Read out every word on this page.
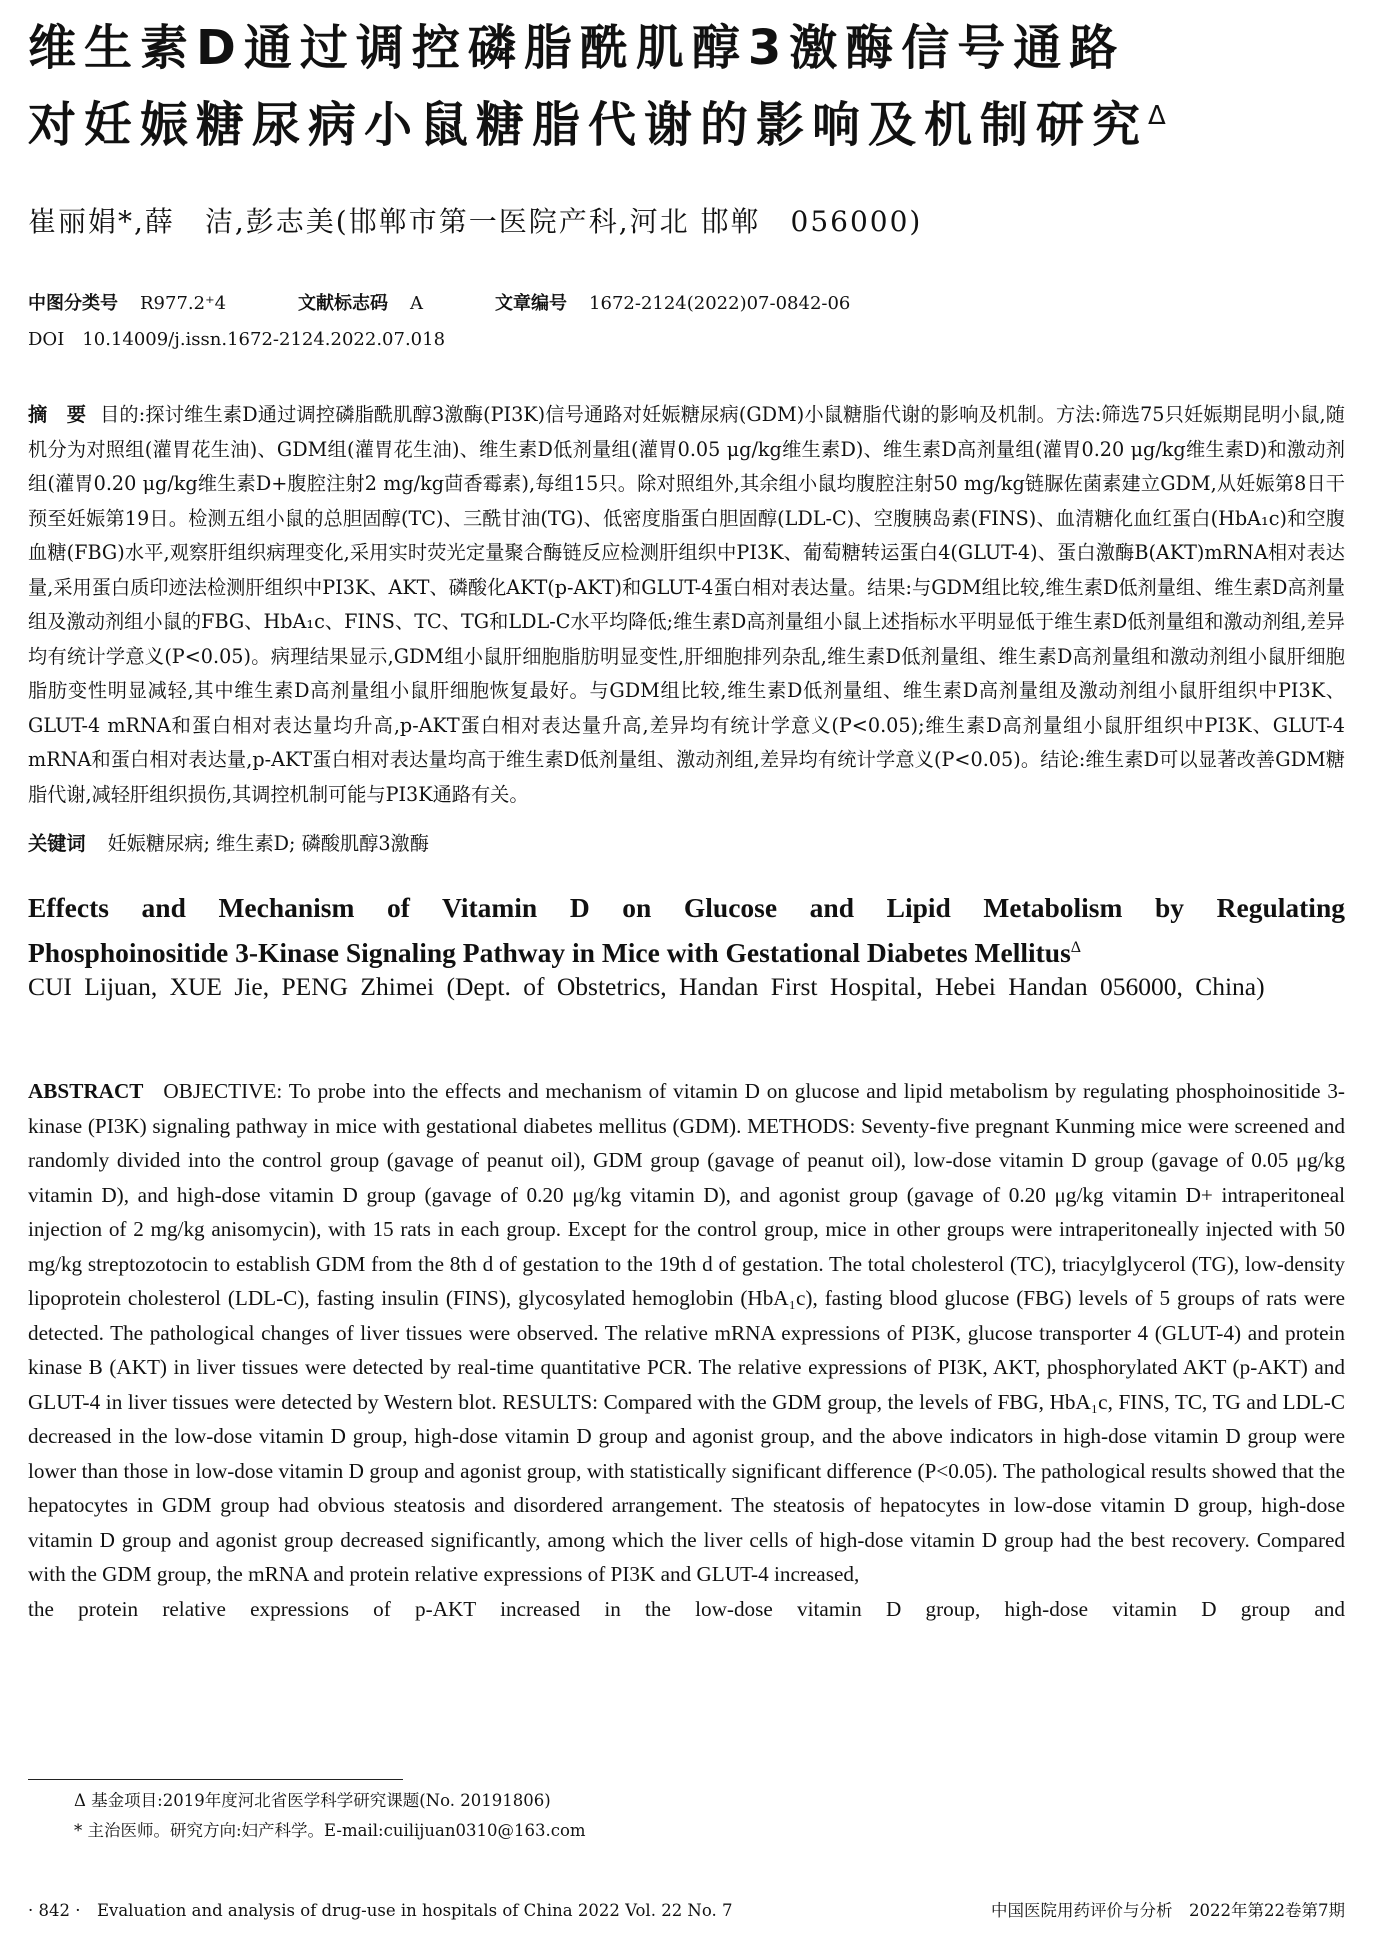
维生素D通过调控磷脂酰肌醇3激酶信号通路
对妊娠糖尿病小鼠糖脂代谢的影响及机制研究$^\Delta$
崔丽娟*,薛　洁,彭志美(邯郸市第一医院产科,河北 邯郸　056000)
中图分类号 R977.2⁺4	文献标志码 A	文章编号 1672-2124(2022)07-0842-06
DOI　10.14009/j.issn.1672-2124.2022.07.018
摘　要 目的:探讨维生素D通过调控磷脂酰肌醇3激酶(PI3K)信号通路对妊娠糖尿病(GDM)小鼠糖脂代谢的影响及机制。方法:筛选75只妊娠期昆明小鼠,随机分为对照组(灌胃花生油)、GDM组(灌胃花生油)、维生素D低剂量组(灌胃0.05 μg/kg维生素D)、维生素D高剂量组(灌胃0.20 μg/kg维生素D)和激动剂组(灌胃0.20 μg/kg维生素D+腹腔注射2 mg/kg茴香霉素),每组15只。除对照组外,其余组小鼠均腹腔注射50 mg/kg链脲佐菌素建立GDM,从妊娠第8日干预至妊娠第19日。检测五组小鼠的总胆固醇(TC)、三酰甘油(TG)、低密度脂蛋白胆固醇(LDL-C)、空腹胰岛素(FINS)、血清糖化血红蛋白(HbA₁c)和空腹血糖(FBG)水平,观察肝组织病理变化,采用实时荧光定量聚合酶链反应检测肝组织中PI3K、葡萄糖转运蛋白4(GLUT-4)、蛋白激酶B(AKT)mRNA相对表达量,采用蛋白质印迹法检测肝组织中PI3K、AKT、磷酸化AKT(p-AKT)和GLUT-4蛋白相对表达量。结果:与GDM组比较,维生素D低剂量组、维生素D高剂量组及激动剂组小鼠的FBG、HbA₁c、FINS、TC、TG和LDL-C水平均降低;维生素D高剂量组小鼠上述指标水平明显低于维生素D低剂量组和激动剂组,差异均有统计学意义(P<0.05)。病理结果显示,GDM组小鼠肝细胞脂肪明显变性,肝细胞排列杂乱,维生素D低剂量组、维生素D高剂量组和激动剂组小鼠肝细胞脂肪变性明显减轻,其中维生素D高剂量组小鼠肝细胞恢复最好。与GDM组比较,维生素D低剂量组、维生素D高剂量组及激动剂组小鼠肝组织中PI3K、GLUT-4 mRNA和蛋白相对表达量均升高,p-AKT蛋白相对表达量升高,差异均有统计学意义(P<0.05);维生素D高剂量组小鼠肝组织中PI3K、GLUT-4 mRNA和蛋白相对表达量,p-AKT蛋白相对表达量均高于维生素D低剂量组、激动剂组,差异均有统计学意义(P<0.05)。结论:维生素D可以显著改善GDM糖脂代谢,减轻肝组织损伤,其调控机制可能与PI3K通路有关。
关键词 妊娠糖尿病; 维生素D; 磷酸肌醇3激酶
Effects and Mechanism of Vitamin D on Glucose and Lipid Metabolism by Regulating
Phosphoinositide 3-Kinase Signaling Pathway in Mice with Gestational Diabetes Mellitus$^\Delta$
CUI Lijuan, XUE Jie, PENG Zhimei (Dept. of Obstetrics, Handan First Hospital, Hebei Handan 056000, China)
ABSTRACT OBJECTIVE: To probe into the effects and mechanism of vitamin D on glucose and lipid metabolism by regulating phosphoinositide 3-kinase (PI3K) signaling pathway in mice with gestational diabetes mellitus (GDM). METHODS: Seventy-five pregnant Kunming mice were screened and randomly divided into the control group (gavage of peanut oil), GDM group (gavage of peanut oil), low-dose vitamin D group (gavage of 0.05 μg/kg vitamin D), and high-dose vitamin D group (gavage of 0.20 μg/kg vitamin D), and agonist group (gavage of 0.20 μg/kg vitamin D+ intraperitoneal injection of 2 mg/kg anisomycin), with 15 rats in each group. Except for the control group, mice in other groups were intraperitoneally injected with 50 mg/kg streptozotocin to establish GDM from the 8th d of gestation to the 19th d of gestation. The total cholesterol (TC), triacylglycerol (TG), low-density lipoprotein cholesterol (LDL-C), fasting insulin (FINS), glycosylated hemoglobin (HbA₁c), fasting blood glucose (FBG) levels of 5 groups of rats were detected. The pathological changes of liver tissues were observed. The relative mRNA expressions of PI3K, glucose transporter 4 (GLUT-4) and protein kinase B (AKT) in liver tissues were detected by real-time quantitative PCR. The relative expressions of PI3K, AKT, phosphorylated AKT (p-AKT) and GLUT-4 in liver tissues were detected by Western blot. RESULTS: Compared with the GDM group, the levels of FBG, HbA₁c, FINS, TC, TG and LDL-C decreased in the low-dose vitamin D group, high-dose vitamin D group and agonist group, and the above indicators in high-dose vitamin D group were lower than those in low-dose vitamin D group and agonist group, with statistically significant difference (P<0.05). The pathological results showed that the hepatocytes in GDM group had obvious steatosis and disordered arrangement. The steatosis of hepatocytes in low-dose vitamin D group, high-dose vitamin D group and agonist group decreased significantly, among which the liver cells of high-dose vitamin D group had the best recovery. Compared with the GDM group, the mRNA and protein relative expressions of PI3K and GLUT-4 increased,
the protein relative expressions of p-AKT increased in the low-dose vitamin D group, high-dose vitamin D group and
Δ 基金项目:2019年度河北省医学科学研究课题(No. 20191806)
* 主治医师。研究方向:妇产科学。E-mail:cuilijuan0310@163.com
· 842 ·　Evaluation and analysis of drug-use in hospitals of China 2022 Vol. 22 No. 7	中国医院用药评价与分析　2022年第22卷第7期
